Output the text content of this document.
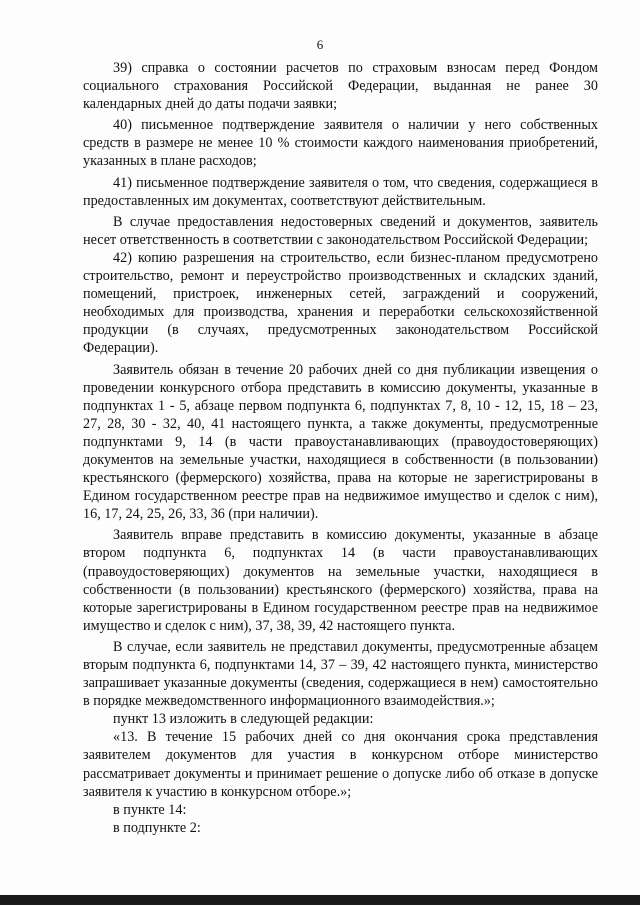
6

39) справка о состоянии расчетов по страховым взносам перед Фондом социального страхования Российской Федерации, выданная не ранее 30 календарных дней до даты подачи заявки;

40) письменное подтверждение заявителя о наличии у него собственных средств в размере не менее 10 % стоимости каждого наименования приобретений, указанных в плане расходов;

41) письменное подтверждение заявителя о том, что сведения, содержащиеся в предоставленных им документах, соответствуют действительным.

В случае предоставления недостоверных сведений и документов, заявитель несет ответственность в соответствии с законодательством Российской Федерации;

42) копию разрешения на строительство, если бизнес-планом предусмотрено строительство, ремонт и переустройство производственных и складских зданий, помещений, пристроек, инженерных сетей, заграждений и сооружений, необходимых для производства, хранения и переработки сельскохозяйственной продукции (в случаях, предусмотренных законодательством Российской Федерации).

Заявитель обязан в течение 20 рабочих дней со дня публикации извещения о проведении конкурсного отбора представить в комиссию документы, указанные в подпунктах 1 - 5, абзаце первом подпункта 6, подпунктах 7, 8, 10 - 12, 15, 18 – 23, 27, 28, 30 - 32, 40, 41 настоящего пункта, а также документы, предусмотренные подпунктами 9, 14 (в части правоустанавливающих (правоудостоверяющих) документов на земельные участки, находящиеся в собственности (в пользовании) крестьянского (фермерского) хозяйства, права на которые не зарегистрированы в Едином государственном реестре прав на недвижимое имущество и сделок с ним), 16, 17, 24, 25, 26, 33, 36 (при наличии).

Заявитель вправе представить в комиссию документы, указанные в абзаце втором подпункта 6, подпунктах 14 (в части правоустанавливающих (правоудостоверяющих) документов на земельные участки, находящиеся в собственности (в пользовании) крестьянского (фермерского) хозяйства, права на которые зарегистрированы в Едином государственном реестре прав на недвижимое имущество и сделок с ним), 37, 38, 39, 42 настоящего пункта.

В случае, если заявитель не представил документы, предусмотренные абзацем вторым подпункта 6, подпунктами 14, 37 – 39, 42 настоящего пункта, министерство запрашивает указанные документы (сведения, содержащиеся в нем) самостоятельно в порядке межведомственного информационного взаимодействия.»;

пункт 13 изложить в следующей редакции:

«13. В течение 15 рабочих дней со дня окончания срока представления заявителем документов для участия в конкурсном отборе министерство рассматривает документы и принимает решение о допуске либо об отказе в допуске заявителя к участию в конкурсном отборе.»;

в пункте 14:

в подпункте 2:
